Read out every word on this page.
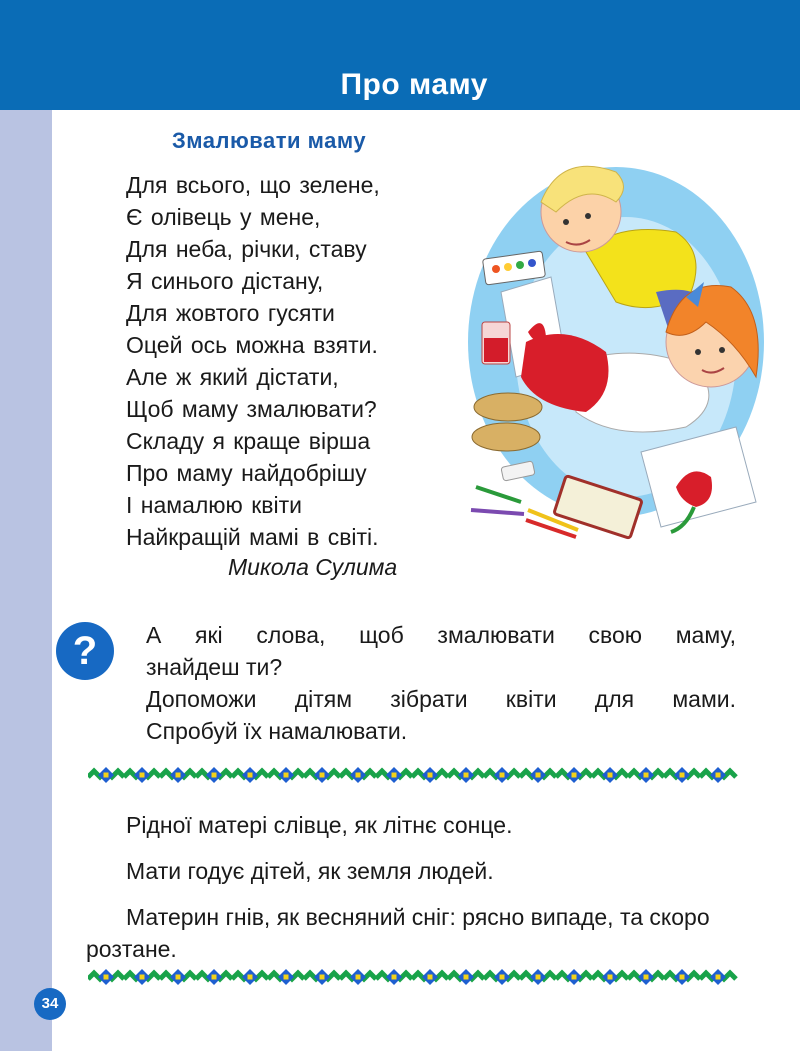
Про маму
Змалювати маму
Для всього, що зелене,
Є олівець у мене,
Для неба, річки, ставу
Я синього дістану,
Для жовтого гусяти
Оцей ось можна взяти.
Але ж який дістати,
Щоб маму змалювати?
Складу я краще вірша
Про маму найдобрішу
І намалюю квіти
Найкращій мамі в світі.
Микола Сулима
?	А які слова, щоб змалювати свою маму,

знайдеш ти?

Допоможи дітям зібрати квіти для мами.

Спробуй їх намалювати.

Рідної матері слівце, як літнє сонце.

Мати годує дітей, як земля людей.

Материн гнів, як весняний сніг: рясно випаде, та скоро розтане.

34
